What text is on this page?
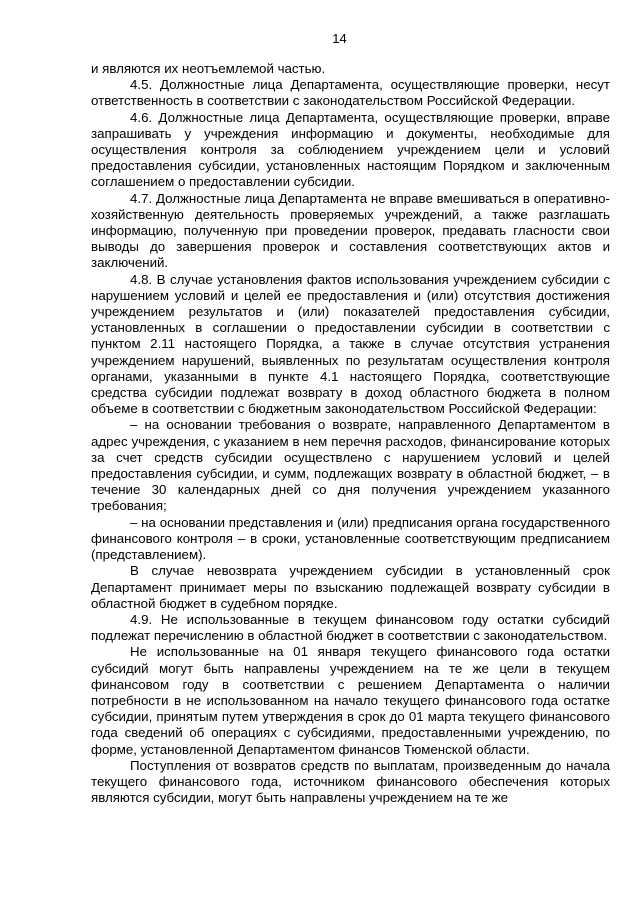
14

и являются их неотъемлемой частью.

4.5. Должностные лица Департамента, осуществляющие проверки, несут ответственность в соответствии с законодательством Российской Федерации.

4.6. Должностные лица Департамента, осуществляющие проверки, вправе запрашивать у учреждения информацию и документы, необходимые для осуществления контроля за соблюдением учреждением цели и условий предоставления субсидии, установленных настоящим Порядком и заключенным соглашением о предоставлении субсидии.

4.7. Должностные лица Департамента не вправе вмешиваться в оперативно-хозяйственную деятельность проверяемых учреждений, а также разглашать информацию, полученную при проведении проверок, предавать гласности свои выводы до завершения проверок и составления соответствующих актов и заключений.

4.8. В случае установления фактов использования учреждением субсидии с нарушением условий и целей ее предоставления и (или) отсутствия достижения учреждением результатов и (или) показателей предоставления субсидии, установленных в соглашении о предоставлении субсидии в соответствии с пунктом 2.11 настоящего Порядка, а также в случае отсутствия устранения учреждением нарушений, выявленных по результатам осуществления контроля органами, указанными в пункте 4.1 настоящего Порядка, соответствующие средства субсидии подлежат возврату в доход областного бюджета в полном объеме в соответствии с бюджетным законодательством Российской Федерации:

– на основании требования о возврате, направленного Департаментом в адрес учреждения, с указанием в нем перечня расходов, финансирование которых за счет средств субсидии осуществлено с нарушением условий и целей предоставления субсидии, и сумм, подлежащих возврату в областной бюджет, – в течение 30 календарных дней со дня получения учреждением указанного требования;

– на основании представления и (или) предписания органа государственного финансового контроля – в сроки, установленные соответствующим предписанием (представлением).

В случае невозврата учреждением субсидии в установленный срок Департамент принимает меры по взысканию подлежащей возврату субсидии в областной бюджет в судебном порядке.

4.9. Не использованные в текущем финансовом году остатки субсидий подлежат перечислению в областной бюджет в соответствии с законодательством.

Не использованные на 01 января текущего финансового года остатки субсидий могут быть направлены учреждением на те же цели в текущем финансовом году в соответствии с решением Департамента о наличии потребности в не использованном на начало текущего финансового года остатке субсидии, принятым путем утверждения в срок до 01 марта текущего финансового года сведений об операциях с субсидиями, предоставленными учреждению, по форме, установленной Департаментом финансов Тюменской области.

Поступления от возвратов средств по выплатам, произведенным до начала текущего финансового года, источником финансового обеспечения которых являются субсидии, могут быть направлены учреждением на те же
